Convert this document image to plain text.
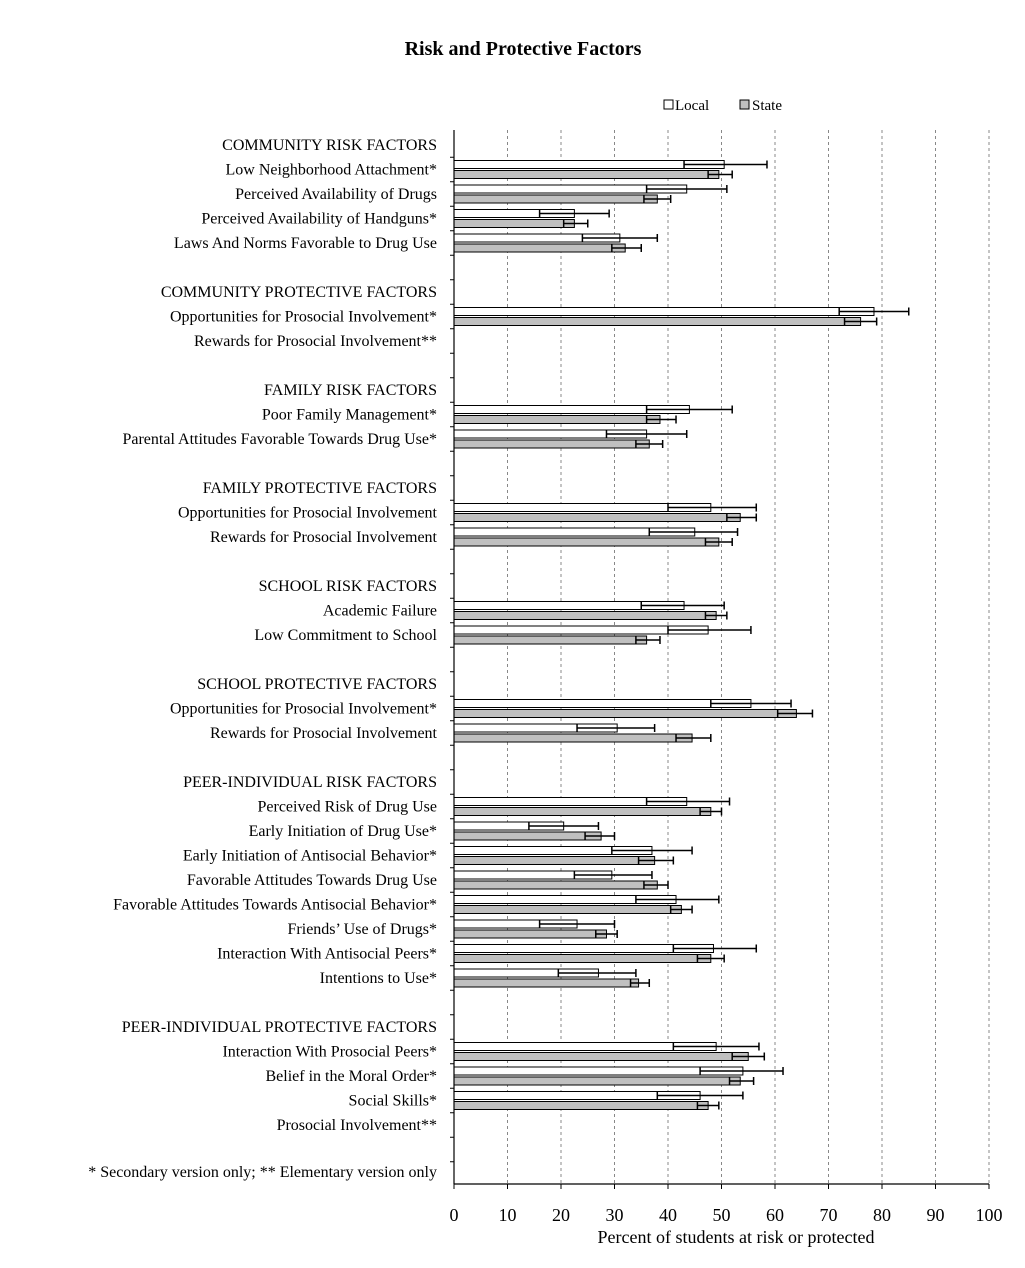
Risk and Protective Factors
Local	State
COMMUNITY RISK FACTORS
Low Neighborhood Attachment*
Perceived Availability of Drugs
Perceived Availability of Handguns*
Laws And Norms Favorable to Drug Use
COMMUNITY PROTECTIVE FACTORS
Opportunities for Prosocial Involvement*
Rewards for Prosocial Involvement**
FAMILY RISK FACTORS
Poor Family Management*
Parental Attitudes Favorable Towards Drug Use*
FAMILY PROTECTIVE FACTORS
Opportunities for Prosocial Involvement
Rewards for Prosocial Involvement
SCHOOL RISK FACTORS
Academic Failure
Low Commitment to School
SCHOOL PROTECTIVE FACTORS
Opportunities for Prosocial Involvement*
Rewards for Prosocial Involvement
PEER-INDIVIDUAL RISK FACTORS
Perceived Risk of Drug Use
Early Initiation of Drug Use*
Early Initiation of Antisocial Behavior*
Favorable Attitudes Towards Drug Use
Favorable Attitudes Towards Antisocial Behavior*
Friends’ Use of Drugs*
Interaction With Antisocial Peers*
Intentions to Use*
PEER-INDIVIDUAL PROTECTIVE FACTORS
Interaction With Prosocial Peers*
Belief in the Moral Order*
Social Skills*
Prosocial Involvement**
0 10 20 30 40 50 60 70 80 90 100
* Secondary version only; ** Elementary version only
Percent of students at risk or protected
